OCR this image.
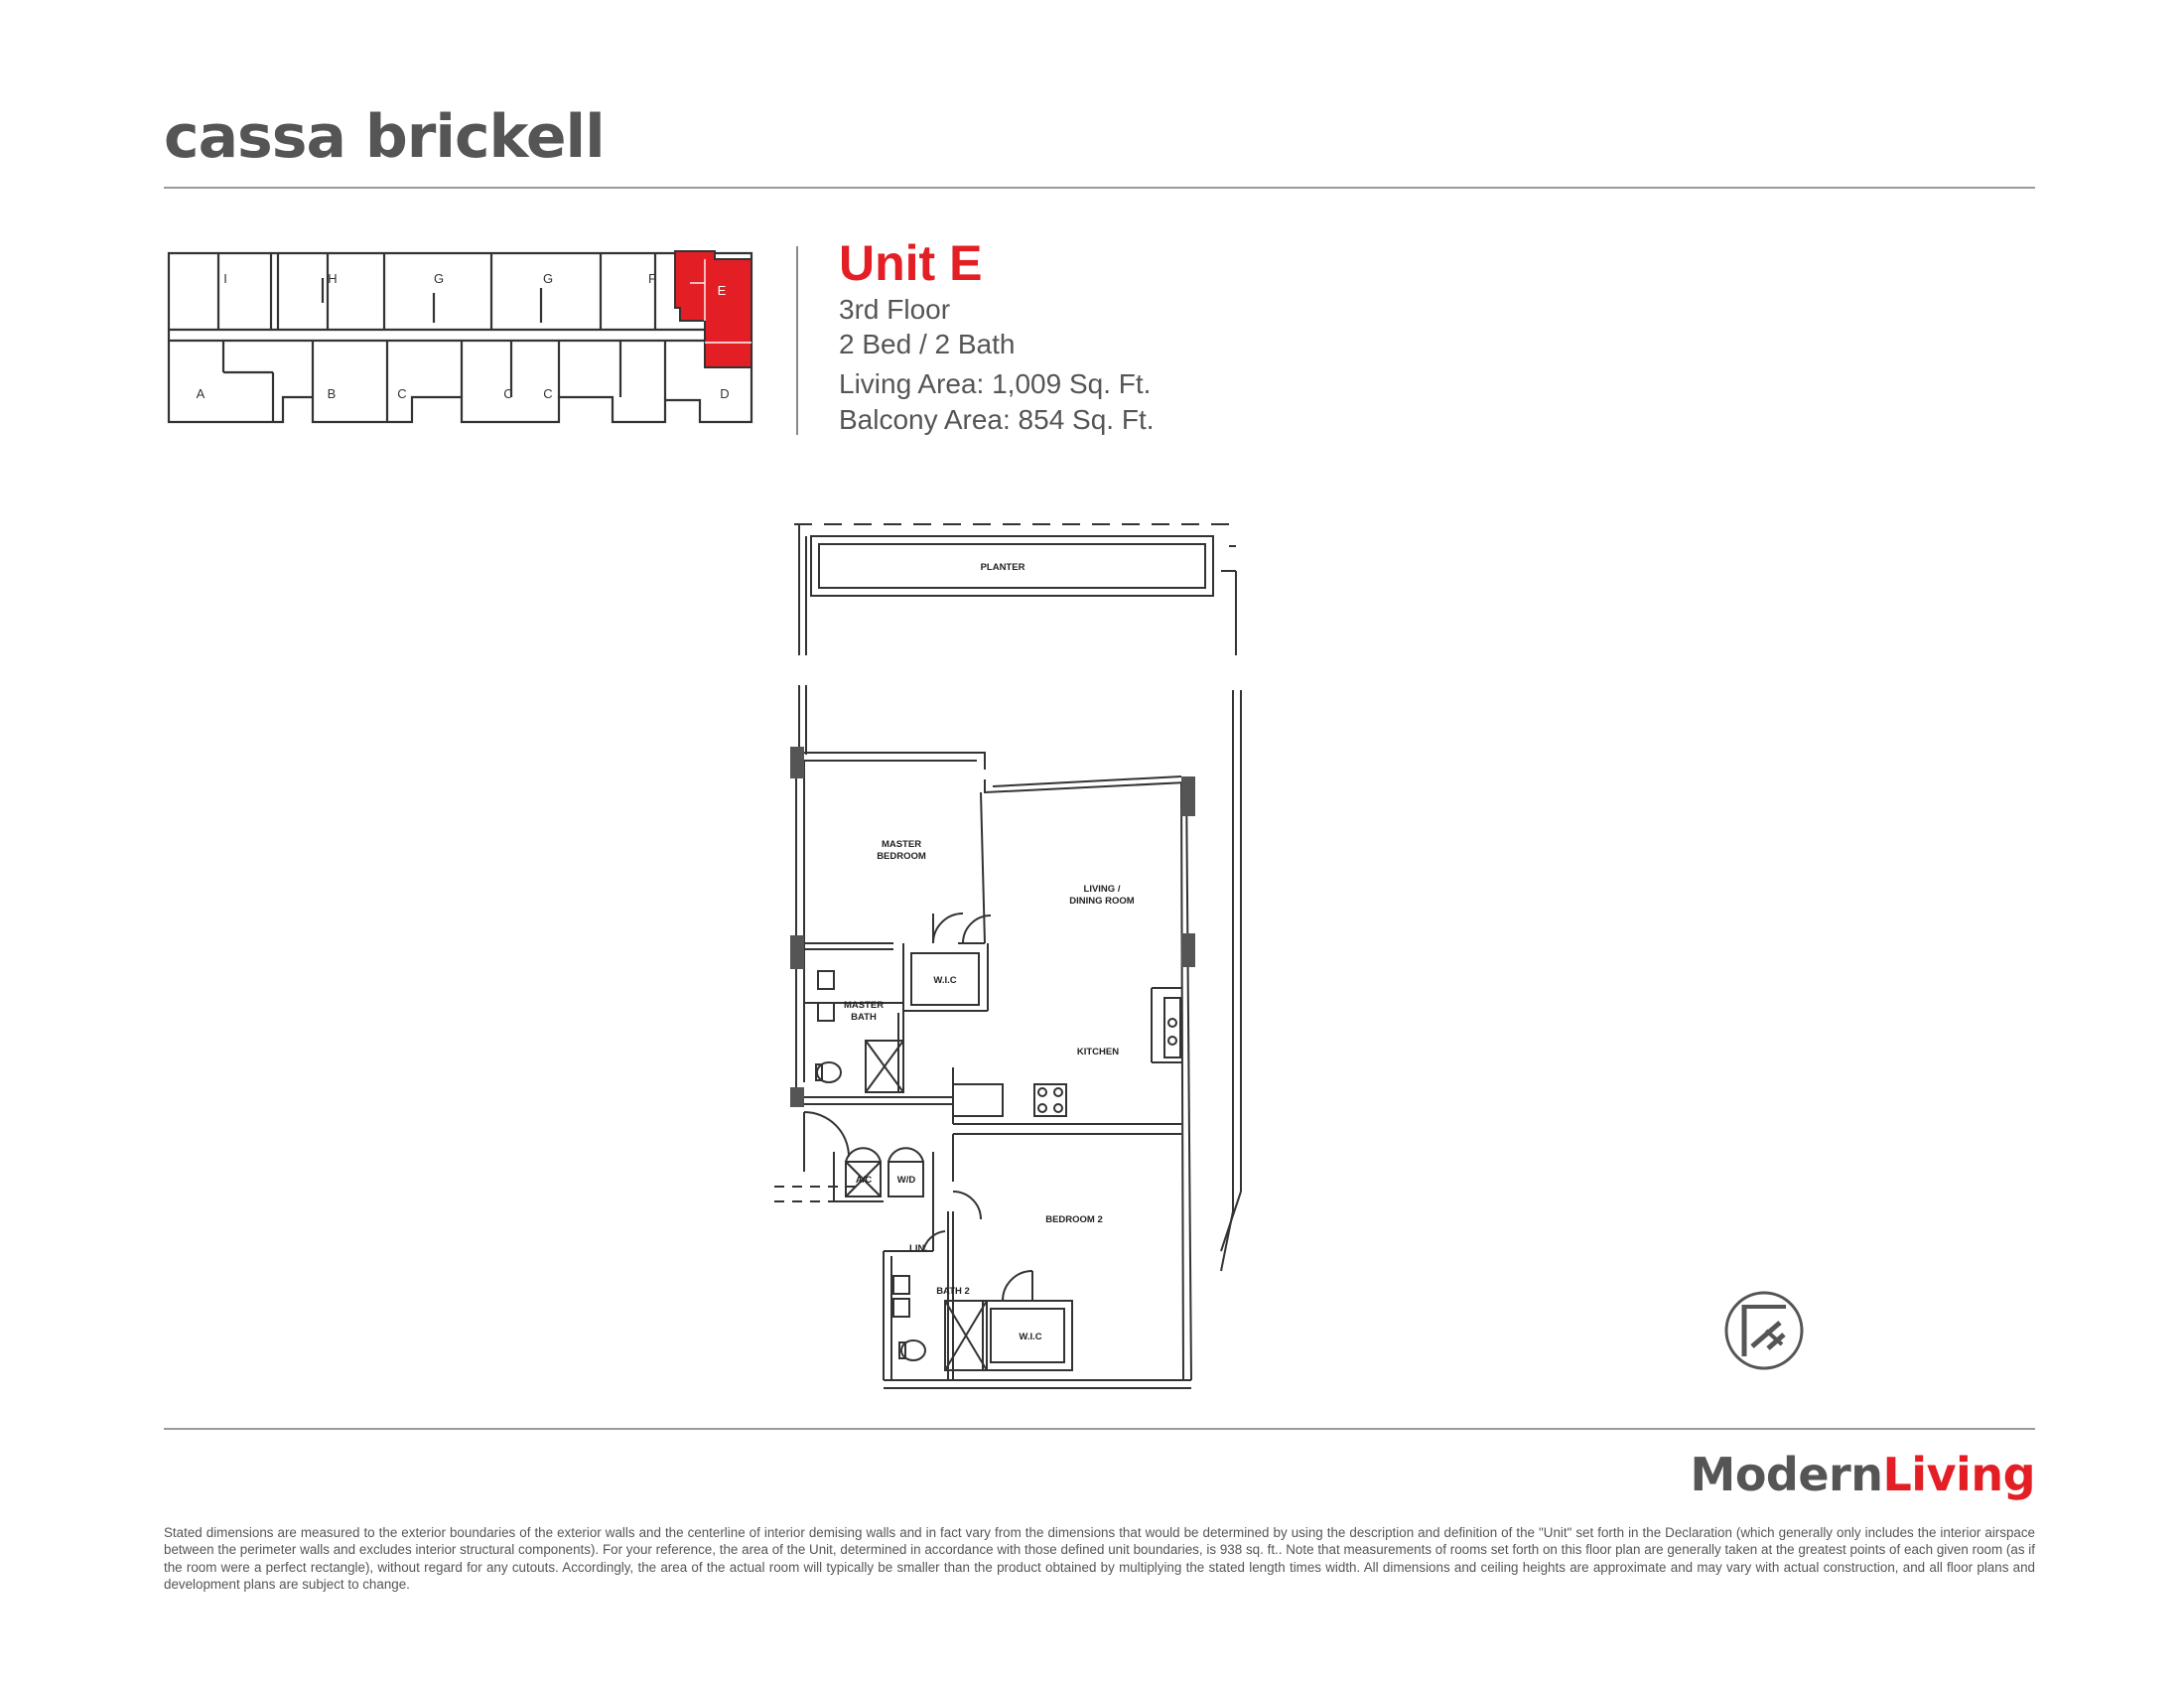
cassa brickell
I	H	G	G	F
E
A	B	C	C C	D
Unit E
3rd Floor
2 Bed / 2 Bath
Living Area: 1,009 Sq. Ft.
Balcony Area: 854 Sq. Ft.
PLANTER
MASTER
BEDROOM
LIVING /
DINING ROOM
W.I.C
MASTER
BATH
KITCHEN
A/C	W/D
BEDROOM 2
LIN.
BATH 2
W.I.C
ModernLiving
Stated dimensions are measured to the exterior boundaries of the exterior walls and the centerline of interior demising walls and in fact vary from the dimensions that would be determined by using the description and definition of the "Unit" set forth in the Declaration (which generally only includes the interior airspace between the perimeter walls and excludes interior structural components). For your reference, the area of the Unit, determined in accordance with those defined unit boundaries, is 938 sq. ft.. Note that measurements of rooms set forth on this floor plan are generally taken at the greatest points of each given room (as if the room were a perfect rectangle), without regard for any cutouts. Accordingly, the area of the actual room will typically be smaller than the product obtained by multiplying the stated length times width. All dimensions and ceiling heights are approximate and may vary with actual construction, and all floor plans and development plans are subject to change.
